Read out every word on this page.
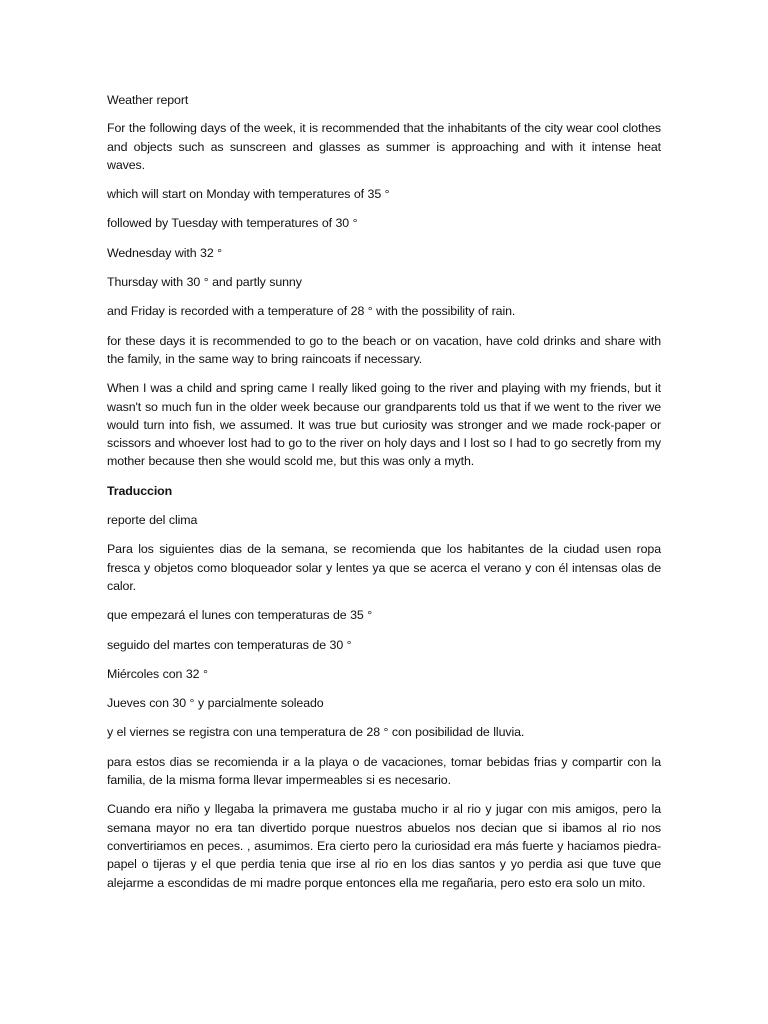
Weather report

For the following days of the week, it is recommended that the inhabitants of the city wear cool clothes and objects such as sunscreen and glasses as summer is approaching and with it intense heat waves.

which will start on Monday with temperatures of 35 °

followed by Tuesday with temperatures of 30 °

Wednesday with 32 °

Thursday with 30 ° and partly sunny

and Friday is recorded with a temperature of 28 ° with the possibility of rain.

for these days it is recommended to go to the beach or on vacation, have cold drinks and share with the family, in the same way to bring raincoats if necessary.

When I was a child and spring came I really liked going to the river and playing with my friends, but it wasn't so much fun in the older week because our grandparents told us that if we went to the river we would turn into fish, we assumed. It was true but curiosity was stronger and we made rock-paper or scissors and whoever lost had to go to the river on holy days and I lost so I had to go secretly from my mother because then she would scold me, but this was only a myth.

Traduccion

reporte del clima

Para los siguientes dias de la semana, se recomienda que los habitantes de la ciudad usen ropa fresca y objetos como bloqueador solar y lentes ya que se acerca el verano y con él intensas olas de calor.

que empezará el lunes con temperaturas de 35 °

seguido del martes con temperaturas de 30 °

Miércoles con 32 °

Jueves con 30 ° y parcialmente soleado

y el viernes se registra con una temperatura de 28 ° con posibilidad de lluvia.

para estos dias se recomienda ir a la playa o de vacaciones, tomar bebidas frias y compartir con la familia, de la misma forma llevar impermeables si es necesario.

Cuando era niño y llegaba la primavera me gustaba mucho ir al rio y jugar con mis amigos, pero la semana mayor no era tan divertido porque nuestros abuelos nos decian que si ibamos al rio nos convertiriamos en peces. , asumimos. Era cierto pero la curiosidad era más fuerte y haciamos piedra-papel o tijeras y el que perdia tenia que irse al rio en los dias santos y yo perdia asi que tuve que alejarme a escondidas de mi madre porque entonces ella me regañaria, pero esto era solo un mito.
